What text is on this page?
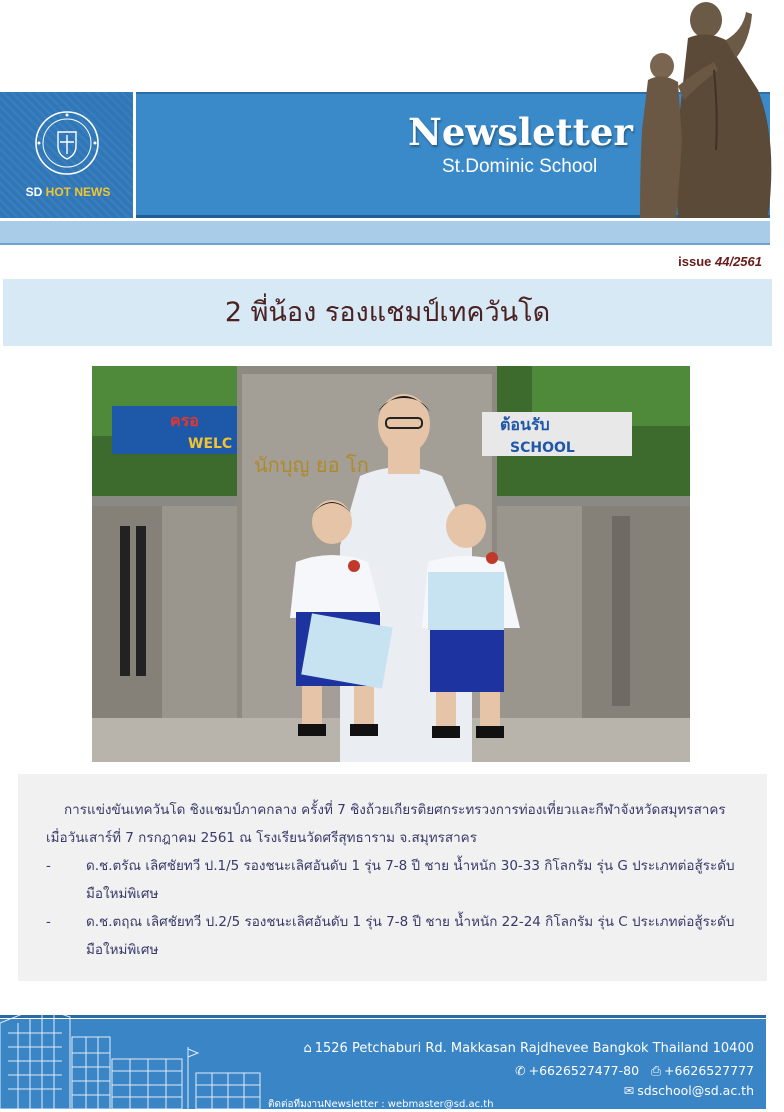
SD HOT NEWS
Newsletter
St.Dominic School
issue 44/2561
2 พี่น้อง รองแชมป์เทควันโด
ครอ
WELC
ต้อนรับ
SCHOOL
นักบุญ ยอ โก

การแข่งขันเทควันโด ชิงแชมป์ภาคกลาง ครั้งที่ 7 ชิงถ้วยเกียรติยศกระทรวงการท่องเที่ยวและกีฬาจังหวัดสมุทรสาคร เมื่อวันเสาร์ที่ 7 กรกฎาคม 2561 ณ โรงเรียนวัดศรีสุทธาราม จ.สมุทรสาคร

-	ด.ช.ตรัณ เลิศชัยทวี ป.1/5 รองชนะเลิศอันดับ 1 รุ่น 7-8 ปี ชาย น้ำหนัก 30-33 กิโลกรัม รุ่น G ประเภทต่อสู้ระดับมือใหม่พิเศษ
-	ด.ช.ตฤณ เลิศชัยทวี ป.2/5 รองชนะเลิศอันดับ 1 รุ่น 7-8 ปี ชาย น้ำหนัก 22-24 กิโลกรัม รุ่น C ประเภทต่อสู้ระดับมือใหม่พิเศษ
⌂ 1526 Petchaburi Rd. Makkasan Rajdhevee Bangkok Thailand 10400
✆ +6626527477-80 ⎙ +6626527777
✉ sdschool@sd.ac.th
ติดต่อทีมงานNewsletter : webmaster@sd.ac.th
